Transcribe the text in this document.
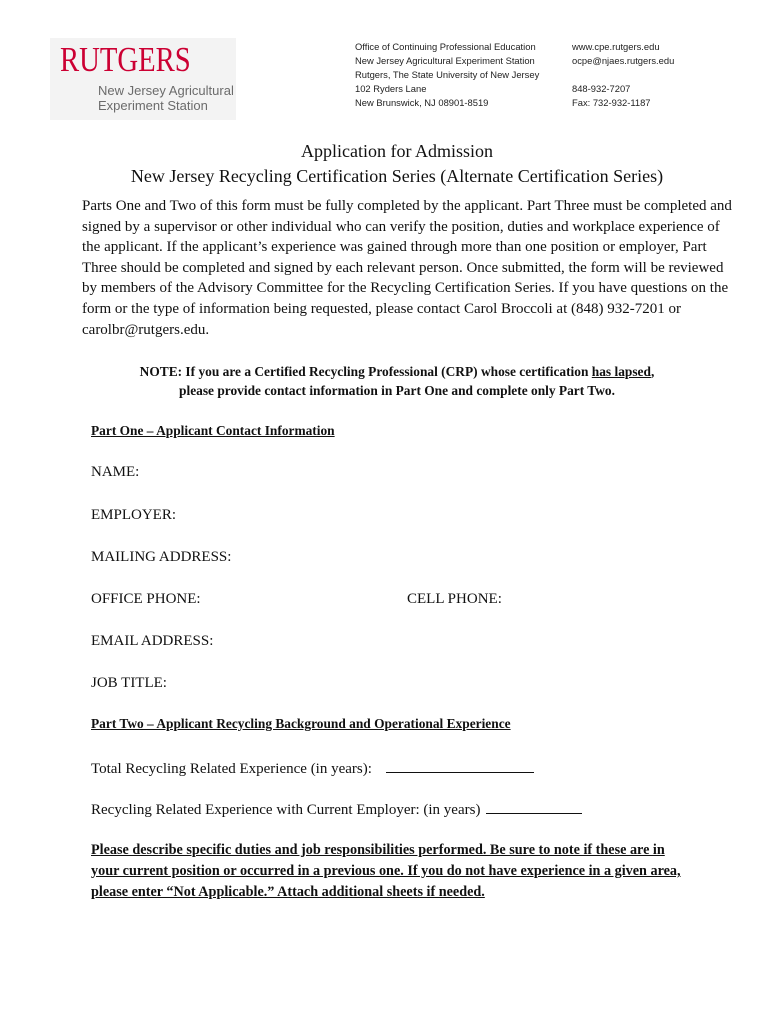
RUTGERS
New Jersey Agricultural
Experiment Station
Office of Continuing Professional Education
New Jersey Agricultural Experiment Station
Rutgers, The State University of New Jersey
102 Ryders Lane
New Brunswick, NJ 08901-8519
www.cpe.rutgers.edu
ocpe@njaes.rutgers.edu
848-932-7207
Fax: 732-932-1187
Application for Admission
New Jersey Recycling Certification Series (Alternate Certification Series)

Parts One and Two of this form must be fully completed by the applicant. Part Three must be completed and signed by a supervisor or other individual who can verify the position, duties and workplace experience of the applicant. If the applicant’s experience was gained through more than one position or employer, Part Three should be completed and signed by each relevant person. Once submitted, the form will be reviewed by members of the Advisory Committee for the Recycling Certification Series. If you have questions on the form or the type of information being requested, please contact Carol Broccoli at (848) 932-7201 or carolbr@rutgers.edu.

NOTE: If you are a Certified Recycling Professional (CRP) whose certification has lapsed,
please provide contact information in Part One and complete only Part Two.
Part One – Applicant Contact Information
NAME:
EMPLOYER:
MAILING ADDRESS:
OFFICE PHONE:	CELL PHONE:
EMAIL ADDRESS:
JOB TITLE:
Part Two – Applicant Recycling Background and Operational Experience
Total Recycling Related Experience (in years):
Recycling Related Experience with Current Employer: (in years)

Please describe specific duties and job responsibilities performed. Be sure to note if these are in your current position or occurred in a previous one. If you do not have experience in a given area, please enter “Not Applicable.” Attach additional sheets if needed.
